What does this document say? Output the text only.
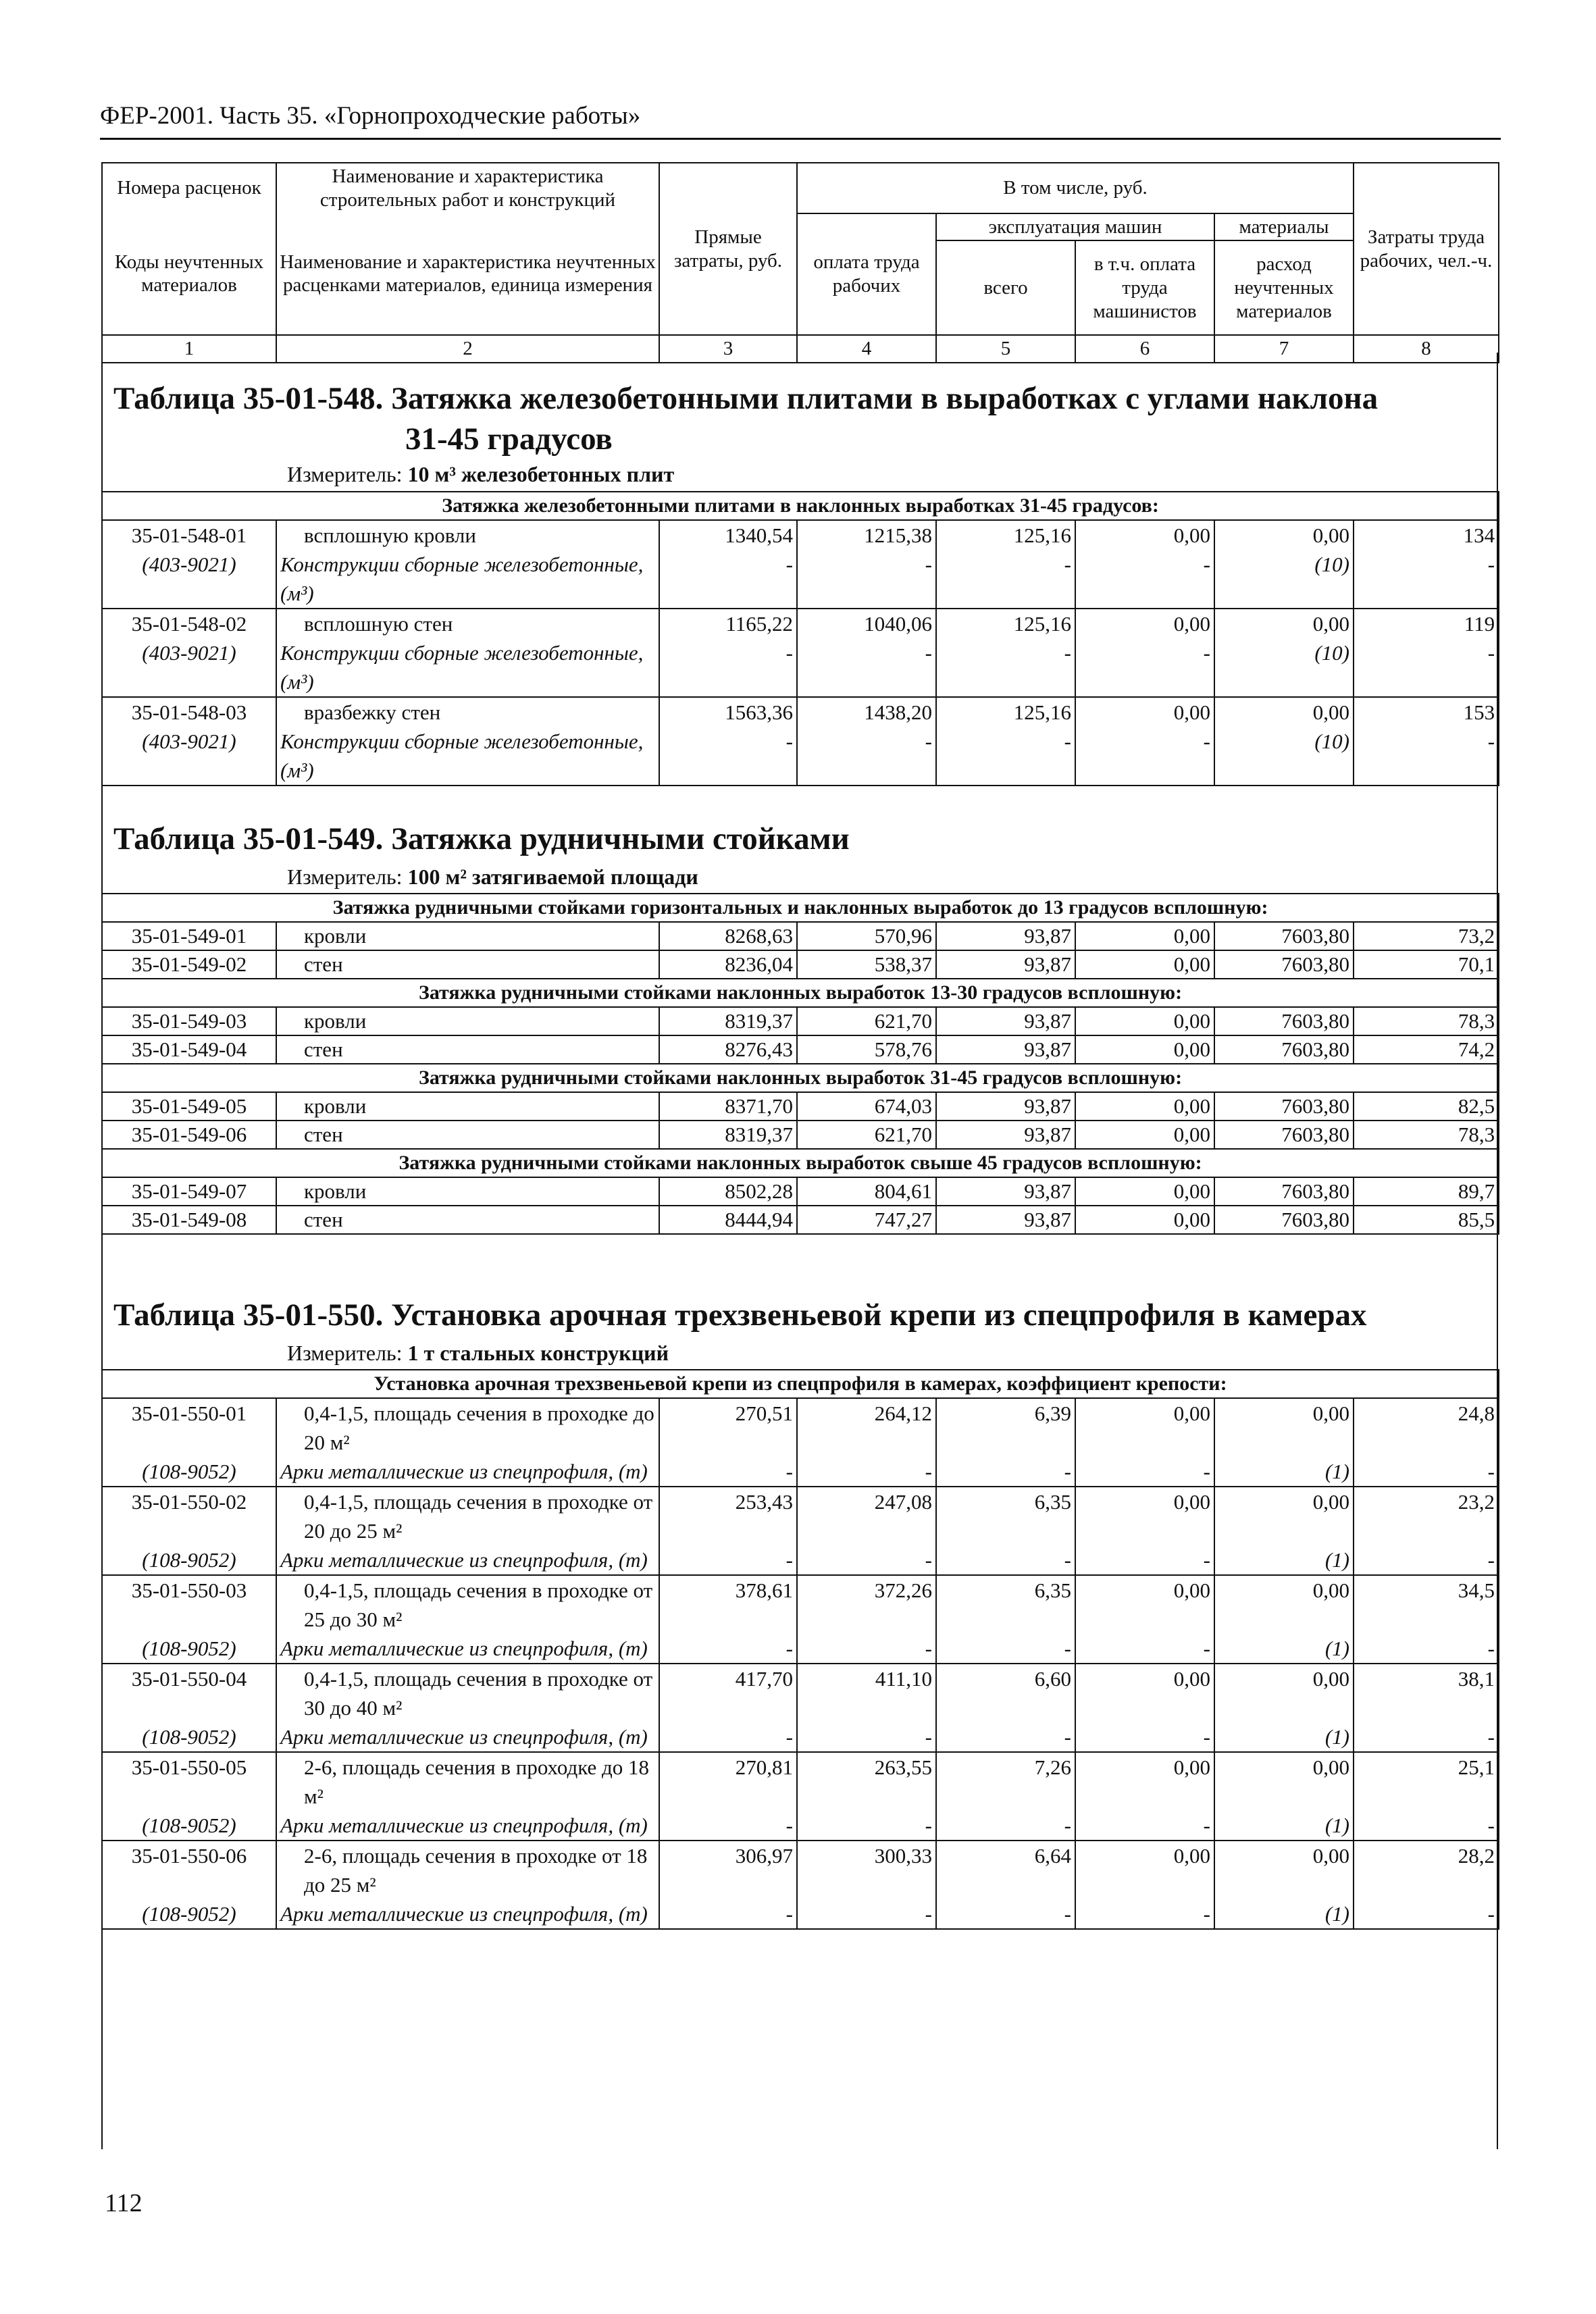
ФЕР-2001. Часть 35. «Горнопроходческие работы»
Номера расценок	Наименование и характеристика строительных работ и конструкций	Прямые затраты, руб.	В том числе, руб.				Затраты труда рабочих, чел.-ч.
Коды неучтенных материалов	Наименование и характеристика неучтенных расценками материалов, единица измерения		оплата труда рабочих	эксплуатация машин		материалы	
				всего	в т.ч. оплата труда машинистов	расход неучтенных материалов	

1	2	3	4	5	6	7	8
Таблица 35-01-548. Затяжка железобетонными плитами в выработках с углами наклона
31-45 градусов
Измеритель: 10 м³ железобетонных плит
Затяжка железобетонными плитами в наклонных выработках 31-45 градусов:							
35-01-548-01	всплошную кровли	1340,54	1215,38	125,16	0,00	0,00	134
(403-9021)	Конструкции сборные железобетонные, (м³)	-	-	-	-	(10)	-
35-01-548-02	всплошную стен	1165,22	1040,06	125,16	0,00	0,00	119
(403-9021)	Конструкции сборные железобетонные, (м³)	-	-	-	-	(10)	-
35-01-548-03	вразбежку стен	1563,36	1438,20	125,16	0,00	0,00	153
(403-9021)	Конструкции сборные железобетонные, (м³)	-	-	-	-	(10)	-
Таблица 35-01-549. Затяжка рудничными стойками
Измеритель: 100 м² затягиваемой площади
Затяжка рудничными стойками горизонтальных и наклонных выработок до 13 градусов всплошную:							
35-01-549-01	кровли	8268,63	570,96	93,87	0,00	7603,80	73,2
35-01-549-02	стен	8236,04	538,37	93,87	0,00	7603,80	70,1
Затяжка рудничными стойками наклонных выработок 13-30 градусов всплошную:							
35-01-549-03	кровли	8319,37	621,70	93,87	0,00	7603,80	78,3
35-01-549-04	стен	8276,43	578,76	93,87	0,00	7603,80	74,2
Затяжка рудничными стойками наклонных выработок 31-45 градусов всплошную:							
35-01-549-05	кровли	8371,70	674,03	93,87	0,00	7603,80	82,5
35-01-549-06	стен	8319,37	621,70	93,87	0,00	7603,80	78,3
Затяжка рудничными стойками наклонных выработок свыше 45 градусов всплошную:							
35-01-549-07	кровли	8502,28	804,61	93,87	0,00	7603,80	89,7
35-01-549-08	стен	8444,94	747,27	93,87	0,00	7603,80	85,5
Таблица 35-01-550. Установка арочная трехзвеньевой крепи из спецпрофиля в камерах
Измеритель: 1 т стальных конструкций
Установка арочная трехзвеньевой крепи из спецпрофиля в камерах, коэффициент крепости:							
35-01-550-01	0,4-1,5, площадь сечения в проходке до 20 м²	270,51	264,12	6,39	0,00	0,00	24,8
(108-9052)	Арки металлические из спецпрофиля, (т)	-	-	-	-	(1)	-
35-01-550-02	0,4-1,5, площадь сечения в проходке от 20 до 25 м²	253,43	247,08	6,35	0,00	0,00	23,2
(108-9052)	Арки металлические из спецпрофиля, (т)	-	-	-	-	(1)	-
35-01-550-03	0,4-1,5, площадь сечения в проходке от 25 до 30 м²	378,61	372,26	6,35	0,00	0,00	34,5
(108-9052)	Арки металлические из спецпрофиля, (т)	-	-	-	-	(1)	-
35-01-550-04	0,4-1,5, площадь сечения в проходке от 30 до 40 м²	417,70	411,10	6,60	0,00	0,00	38,1
(108-9052)	Арки металлические из спецпрофиля, (т)	-	-	-	-	(1)	-
35-01-550-05	2-6, площадь сечения в проходке до 18 м²	270,81	263,55	7,26	0,00	0,00	25,1
(108-9052)	Арки металлические из спецпрофиля, (т)	-	-	-	-	(1)	-
35-01-550-06	2-6, площадь сечения в проходке от 18 до 25 м²	306,97	300,33	6,64	0,00	0,00	28,2
(108-9052)	Арки металлические из спецпрофиля, (т)	-	-	-	-	(1)	-
112
